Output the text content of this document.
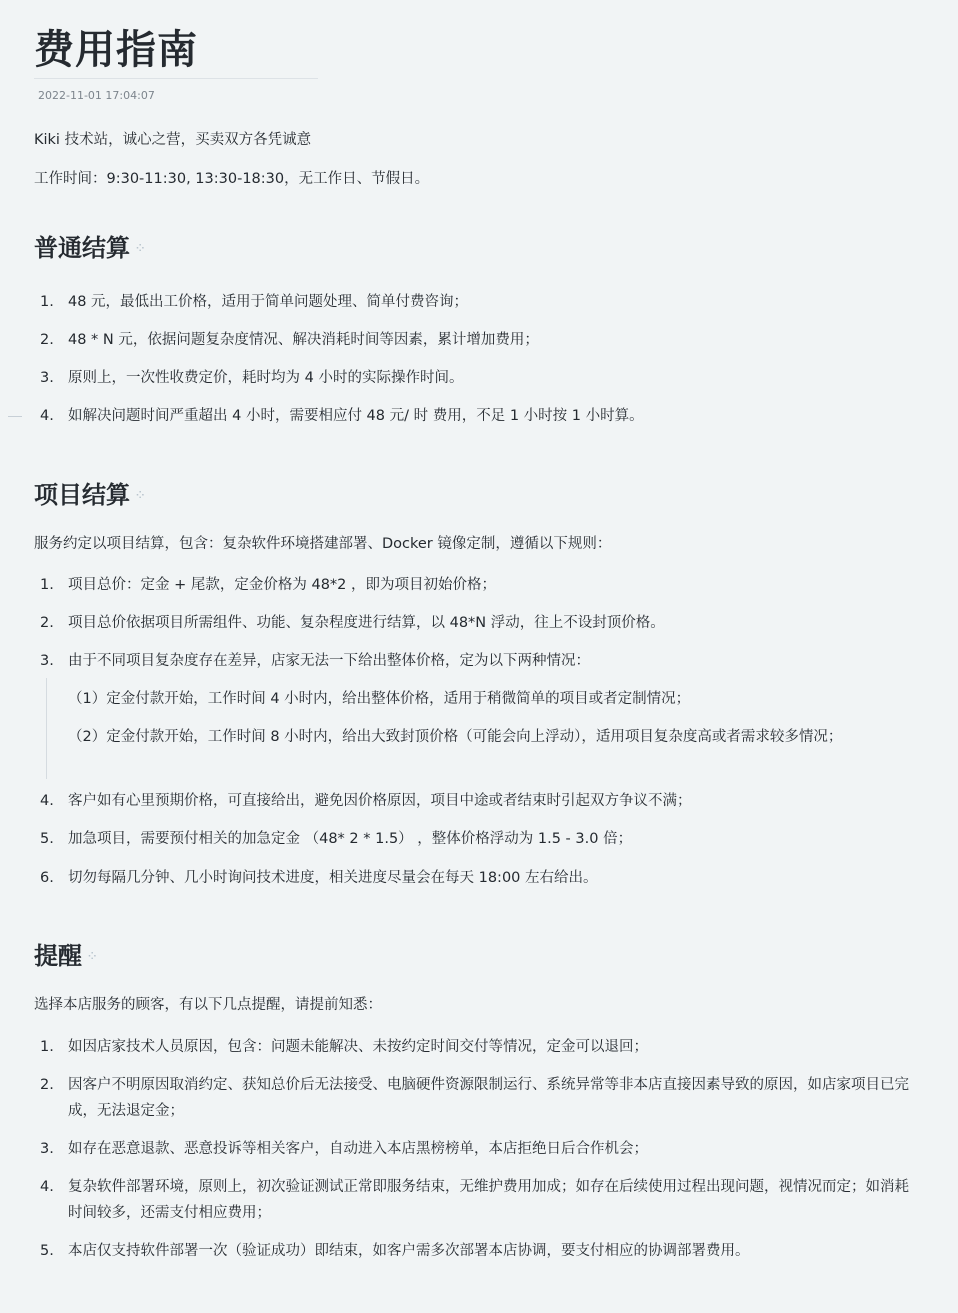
费用指南
2022-11-01 17:04:07

Kiki 技术站，诚心之营，买卖双方各凭诚意

工作时间：9:30-11:30, 13:30-18:30，无工作日、节假日。

普通结算 ⁘
1. 48 元，最低出工价格，适用于简单问题处理、简单付费咨询；
2. 48 * N 元，依据问题复杂度情况、解决消耗时间等因素，累计增加费用；
3. 原则上，一次性收费定价，耗时均为 4 小时的实际操作时间。
4. 如解决问题时间严重超出 4 小时，需要相应付 48 元/ 时 费用，不足 1 小时按 1 小时算。
项目结算 ⁘

服务约定以项目结算，包含：复杂软件环境搭建部署、Docker 镜像定制，遵循以下规则：

1. 项目总价：定金 + 尾款，定金价格为 48*2 ，即为项目初始价格；
2. 项目总价依据项目所需组件、功能、复杂程度进行结算，以 48*N 浮动，往上不设封顶价格。
3. 由于不同项目复杂度存在差异，店家无法一下给出整体价格，定为以下两种情况：
（1）定金付款开始，工作时间 4 小时内，给出整体价格，适用于稍微简单的项目或者定制情况；
（2）定金付款开始，工作时间 8 小时内，给出大致封顶价格（可能会向上浮动），适用项目复杂度高或者需求较多情况；
4. 客户如有心里预期价格，可直接给出，避免因价格原因，项目中途或者结束时引起双方争议不满；
5. 加急项目，需要预付相关的加急定金 （48* 2 * 1.5） ，整体价格浮动为 1.5 - 3.0 倍；
6. 切勿每隔几分钟、几小时询问技术进度，相关进度尽量会在每天 18:00 左右给出。
提醒 ⁘

选择本店服务的顾客，有以下几点提醒，请提前知悉：

1. 如因店家技术人员原因，包含：问题未能解决、未按约定时间交付等情况，定金可以退回；
2. 因客户不明原因取消约定、获知总价后无法接受、电脑硬件资源限制运行、系统异常等非本店直接因素导致的原因，如店家项目已完成，无法退定金；
3. 如存在恶意退款、恶意投诉等相关客户，自动进入本店黑榜榜单，本店拒绝日后合作机会；
4. 复杂软件部署环境，原则上，初次验证测试正常即服务结束，无维护费用加成；如存在后续使用过程出现问题，视情况而定；如消耗时间较多，还需支付相应费用；
5. 本店仅支持软件部署一次（验证成功）即结束，如客户需多次部署本店协调，要支付相应的协调部署费用。
